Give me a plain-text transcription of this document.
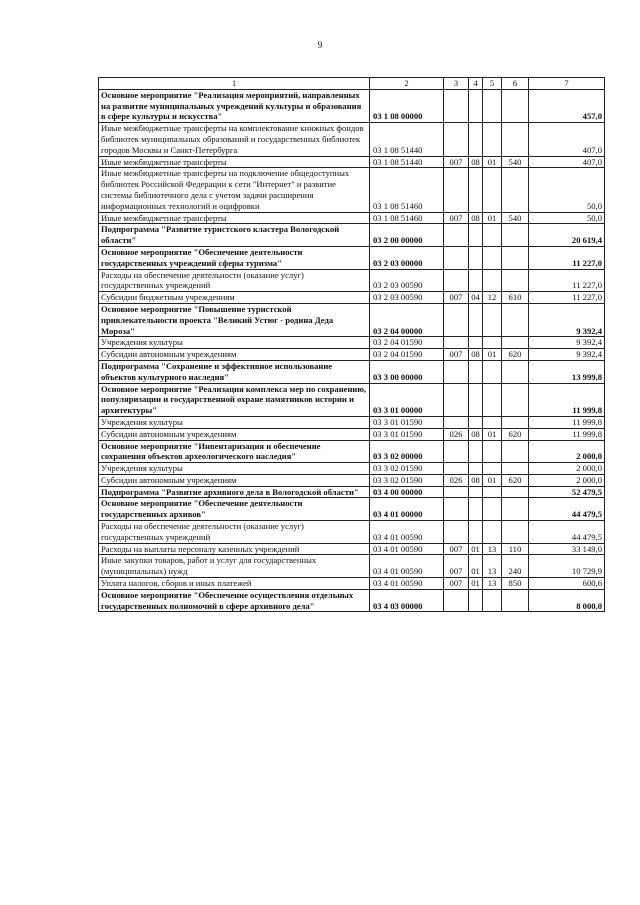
9
1	2	3	4	5	6	7
Основное мероприятие "Реализация мероприятий, направленных на развитие муниципальных учреждений культуры и образования в сфере культуры и искусства"	03 1 08 00000					457,0
Иные межбюджетные трансферты на комплектование книжных фондов библиотек муниципальных образований и государственных библиотек городов Москвы и Санкт-Петербурга	03 1 08 51440					407,0
Иные межбюджетные трансферты	03 1 08 51440	007	08	01	540	407,0
Иные межбюджетные трансферты на подключение общедоступных библиотек Российской Федерации к сети "Интернет" и развитие системы библиотечного дела с учетом задачи расширения информационных технологий и оцифровки	03 1 08 51460					50,0
Иные межбюджетные трансферты	03 1 08 51460	007	08	01	540	50,0
Подпрограмма "Развитие туристского кластера Вологодской области"	03 2 00 00000					20 619,4
Основное мероприятие "Обеспечение деятельности государственных учреждений сферы туризма"	03 2 03 00000					11 227,0
Расходы на обеспечение деятельности (оказание услуг) государственных учреждений	03 2 03 00590					11 227,0
Субсидии бюджетным учреждениям	03 2 03 00590	007	04	12	610	11 227,0
Основное мероприятие "Повышение туристской привлекательности проекта "Великий Устюг - родина Деда Мороза"	03 2 04 00000					9 392,4
Учреждения культуры	03 2 04 01590					9 392,4
Субсидии автономным учреждениям	03 2 04 01590	007	08	01	620	9 392,4
Подпрограмма "Сохранение и эффективное использование объектов культурного наследия"	03 3 00 00000					13 999,8
Основное мероприятие "Реализация комплекса мер по сохранению, популяризации и государственной охране памятников истории и архитектуры"	03 3 01 00000					11 999,8
Учреждения культуры	03 3 01 01590					11 999,8
Субсидии автономным учреждениям	03 3 01 01590	026	08	01	620	11 999,8
Основное мероприятие "Инвентаризация и обеспечение сохранения объектов археологического наследия"	03 3 02 00000					2 000,0
Учреждения культуры	03 3 02 01590					2 000,0
Субсидии автономным учреждениям	03 3 02 01590	026	08	01	620	2 000,0
Подпрограмма "Развитие архивного дела в Вологодской области"	03 4 00 00000					52 479,5
Основное мероприятие "Обеспечение деятельности государственных архивов"	03 4 01 00000					44 479,5
Расходы на обеспечение деятельности (оказание услуг) государственных учреждений	03 4 01 00590					44 479,5
Расходы на выплаты персоналу казенных учреждений	03 4 01 00590	007	01	13	110	33 149,0
Иные закупки товаров, работ и услуг для государственных (муниципальных) нужд	03 4 01 00590	007	01	13	240	10 729,9
Уплата налогов, сборов и иных платежей	03 4 01 00590	007	01	13	850	600,6
Основное мероприятие "Обеспечение осуществления отдельных государственных полномочий в сфере архивного дела"	03 4 03 00000					8 000,0
